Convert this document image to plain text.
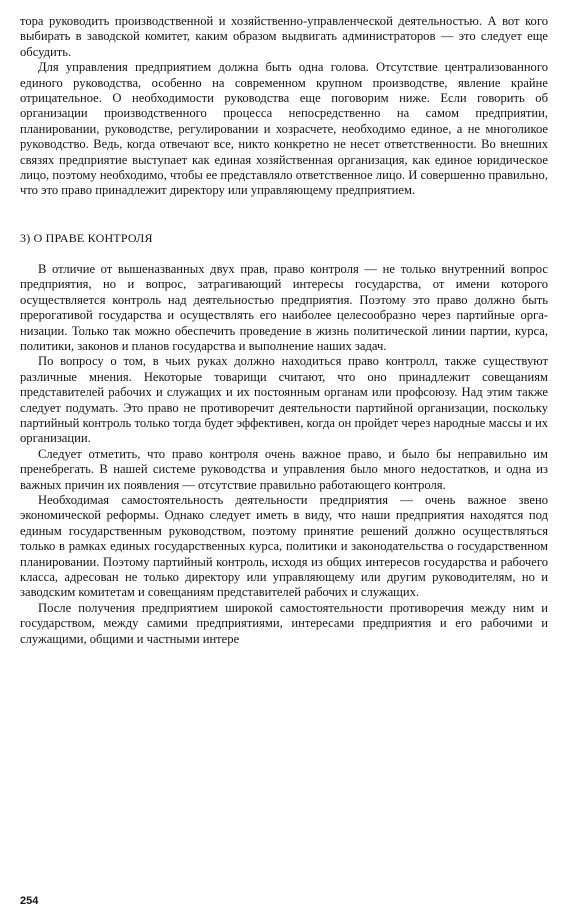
тора руководить производственной и хозяйственно-управленческой деятельностью. А вот кого выбирать в заводской комитет, каким образом выдвигать администраторов — это следует еще обсудить.

Для управления предприятием должна быть одна голова. Отсутствие централизованного единого руководства, особенно на современном крупном производстве, явление крайне отрицательное. О необходимости руководства еще поговорим ниже. Если говорить об организации производственного процесса непосредственно на самом предприятии, планировании, руководстве, регулировании и хозрасчете, необходимо единое, а не многоликое руководство. Ведь, когда отвечают все, никто конкретно не несет ответственности. Во внешних связях предприятие выступает как единая хозяйственная организация, как единое юридическое лицо, поэтому необходимо, чтобы ее представляло ответственное лицо. И совершенно правильно, что это право принадлежит директору или управляющему предприятием.

3) О ПРАВЕ КОНТРОЛЯ

В отличие от вышеназванных двух прав, право контроля — не только внутренний вопрос предприятия, но и вопрос, затрагивающий интересы государства, от имени которого осуществляется контроль над деятельностью предприятия. Поэтому это право должно быть прерогативой государства и осуществлять его наиболее целесообразно через партийные организации. Только так можно обеспечить проведение в жизнь политической линии партии, курса, политики, законов и планов государства и выполнение наших задач.

По вопросу о том, в чьих руках должно находиться право контролл, также существуют различные мнения. Некоторые товарищи считают, что оно принадлежит совещаниям представителей рабочих и служащих и их постоянным органам или профсоюзу. Над этим также следует подумать. Это право не противоречит деятельности партийной организации, поскольку партийный контроль только тогда будет эффективен, когда он пройдет через народные массы и их организации.

Следует отметить, что право контроля очень важное право, и было бы неправильно им пренебрегать. В нашей системе руководства и управления было много недостатков, и одна из важных причин их появления — отсутствие правильно работающего контроля.

Необходимая самостоятельность деятельности предприятия — очень важное звено экономической реформы. Однако следует иметь в виду, что наши предприятия находятся под единым государственным руководством, поэтому принятие решений должно осуществляться только в рамках единых государственных курса, политики и законодательства о государственном планировании. Поэтому партийный контроль, исходя из общих интересов государства и рабочего класса, адресован не только директору или управляющему или другим руководителям, но и заводским комитетам и совещаниям представителей рабочих и служащих.

После получения предприятием широкой самостоятельности противоречия между ним и государством, между самими предприятиями, интересами предприятия и его рабочими и служащими, общими и частными интере

254
